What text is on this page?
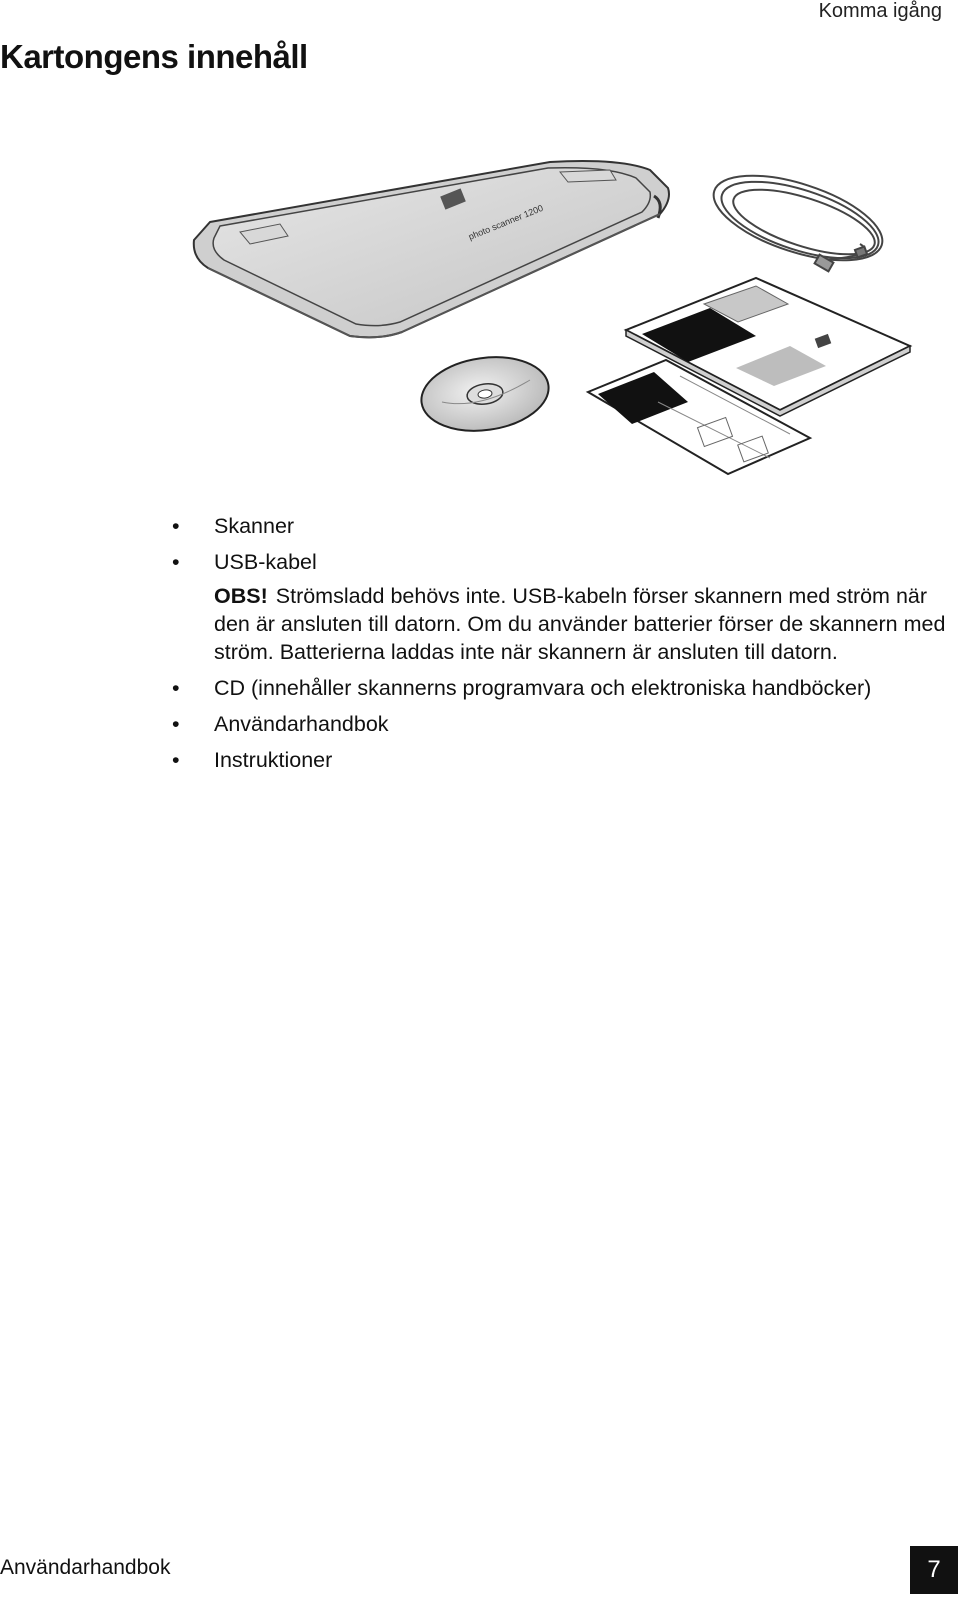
Komma igång
Kartongens innehåll
photo scanner 1200
•	Skanner
•	USB-kabel
OBS! Strömsladd behövs inte. USB-kabeln förser skannern med ström när den är ansluten till datorn. Om du använder batterier förser de skannern med ström. Batterierna laddas inte när skannern är ansluten till datorn.
•	CD (innehåller skannerns programvara och elektroniska handböcker)
•	Användarhandbok
•	Instruktioner
Användarhandbok	7
